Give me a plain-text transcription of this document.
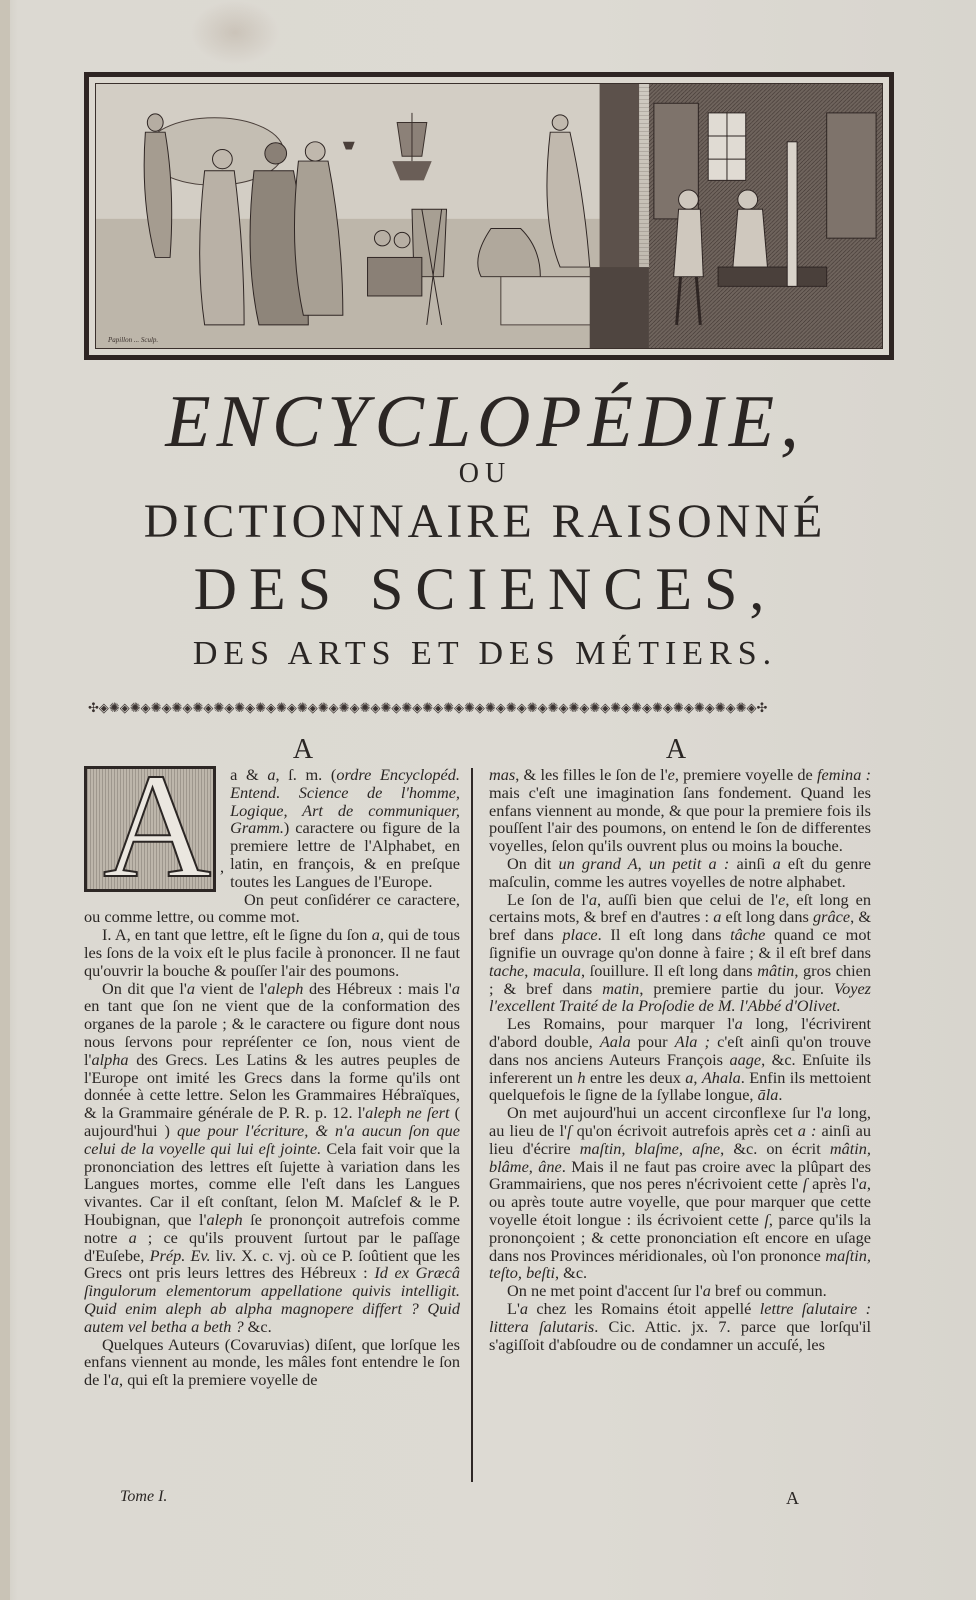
Papillon ... Sculp.
ENCYCLOPÉDIE,
OU
DICTIONNAIRE RAISONNÉ
DES SCIENCES,
DES ARTS ET DES MÉTIERS.
✣◈✺◈✺◈✺◈✺◈✺◈✺◈✺◈✺◈✺◈✺◈✺◈✺◈✺◈✺◈✺◈✺◈✺◈✺◈✺◈✺◈✺◈✺◈✺◈✺◈✺◈✺◈✺◈✺◈✺◈✺◈✺◈✣
A	A
A ,

a & a, ſ. m. (ordre Encyclopéd. Entend. Science de l'homme, Logique, Art de communiquer, Gramm.) caractere ou figure de la premiere lettre de l'Alphabet, en latin, en françois, & en preſque toutes les Langues de l'Europe.

On peut conſidérer ce caractere, ou comme lettre, ou comme mot.

I. A, en tant que lettre, eſt le ſigne du ſon a, qui de tous les ſons de la voix eſt le plus facile à prononcer. Il ne faut qu'ouvrir la bouche & pouſſer l'air des poumons.

On dit que l'a vient de l'aleph des Hébreux : mais l'a en tant que ſon ne vient que de la conformation des organes de la parole ; & le caractere ou figure dont nous nous ſervons pour repréſenter ce ſon, nous vient de l'alpha des Grecs. Les Latins & les autres peuples de l'Europe ont imité les Grecs dans la forme qu'ils ont donnée à cette lettre. Selon les Grammaires Hébraïques, & la Grammaire générale de P. R. p. 12. l'aleph ne ſert ( aujourd'hui ) que pour l'écriture, & n'a aucun ſon que celui de la voyelle qui lui eſt jointe. Cela fait voir que la prononciation des lettres eſt ſujette à variation dans les Langues mortes, comme elle l'eſt dans les Langues vivantes. Car il eſt conſtant, ſelon M. Maſclef & le P. Houbignan, que l'aleph ſe prononçoit autrefois comme notre a ; ce qu'ils prouvent ſurtout par le paſſage d'Euſebe, Prép. Ev. liv. X. c. vj. où ce P. ſoûtient que les Grecs ont pris leurs lettres des Hébreux : Id ex Græcâ ſingulorum elementorum appellatione quivis intelligit. Quid enim aleph ab alpha magnopere differt ? Quid autem vel betha a beth ? &c.

Quelques Auteurs (Covaruvias) diſent, que lorſque les enfans viennent au monde, les mâles font entendre le ſon de l'a, qui eſt la premiere voyelle de

mas, & les filles le ſon de l'e, premiere voyelle de femina : mais c'eſt une imagination ſans fondement. Quand les enfans viennent au monde, & que pour la premiere fois ils pouſſent l'air des poumons, on entend le ſon de differentes voyelles, ſelon qu'ils ouvrent plus ou moins la bouche.

On dit un grand A, un petit a : ainſi a eſt du genre maſculin, comme les autres voyelles de notre alphabet.

Le ſon de l'a, auſſi bien que celui de l'e, eſt long en certains mots, & bref en d'autres : a eſt long dans grâce, & bref dans place. Il eſt long dans tâche quand ce mot ſignifie un ouvrage qu'on donne à faire ; & il eſt bref dans tache, macula, ſouillure. Il eſt long dans mâtin, gros chien ; & bref dans matin, premiere partie du jour. Voyez l'excellent Traité de la Proſodie de M. l'Abbé d'Olivet.

Les Romains, pour marquer l'a long, l'écrivirent d'abord double, Aala pour Ala ; c'eſt ainſi qu'on trouve dans nos anciens Auteurs François aage, &c. Enſuite ils infererent un h entre les deux a, Ahala. Enfin ils mettoient quelquefois le ſigne de la ſyllabe longue, āla.

On met aujourd'hui un accent circonflexe ſur l'a long, au lieu de l'ſ qu'on écrivoit autrefois après cet a : ainſi au lieu d'écrire maſtin, blaſme, aſne, &c. on écrit mâtin, blâme, âne. Mais il ne faut pas croire avec la plûpart des Grammairiens, que nos peres n'écrivoient cette ſ après l'a, ou après toute autre voyelle, que pour marquer que cette voyelle étoit longue : ils écrivoient cette ſ, parce qu'ils la prononçoient ; & cette prononciation eſt encore en uſage dans nos Provinces méridionales, où l'on prononce maſtin, teſto, beſti, &c.

On ne met point d'accent ſur l'a bref ou commun.

L'a chez les Romains étoit appellé lettre ſalutaire : littera ſalutaris. Cic. Attic. jx. 7. parce que lorſqu'il s'agiſſoit d'abſoudre ou de condamner un accuſé, les

Tome I.	A
